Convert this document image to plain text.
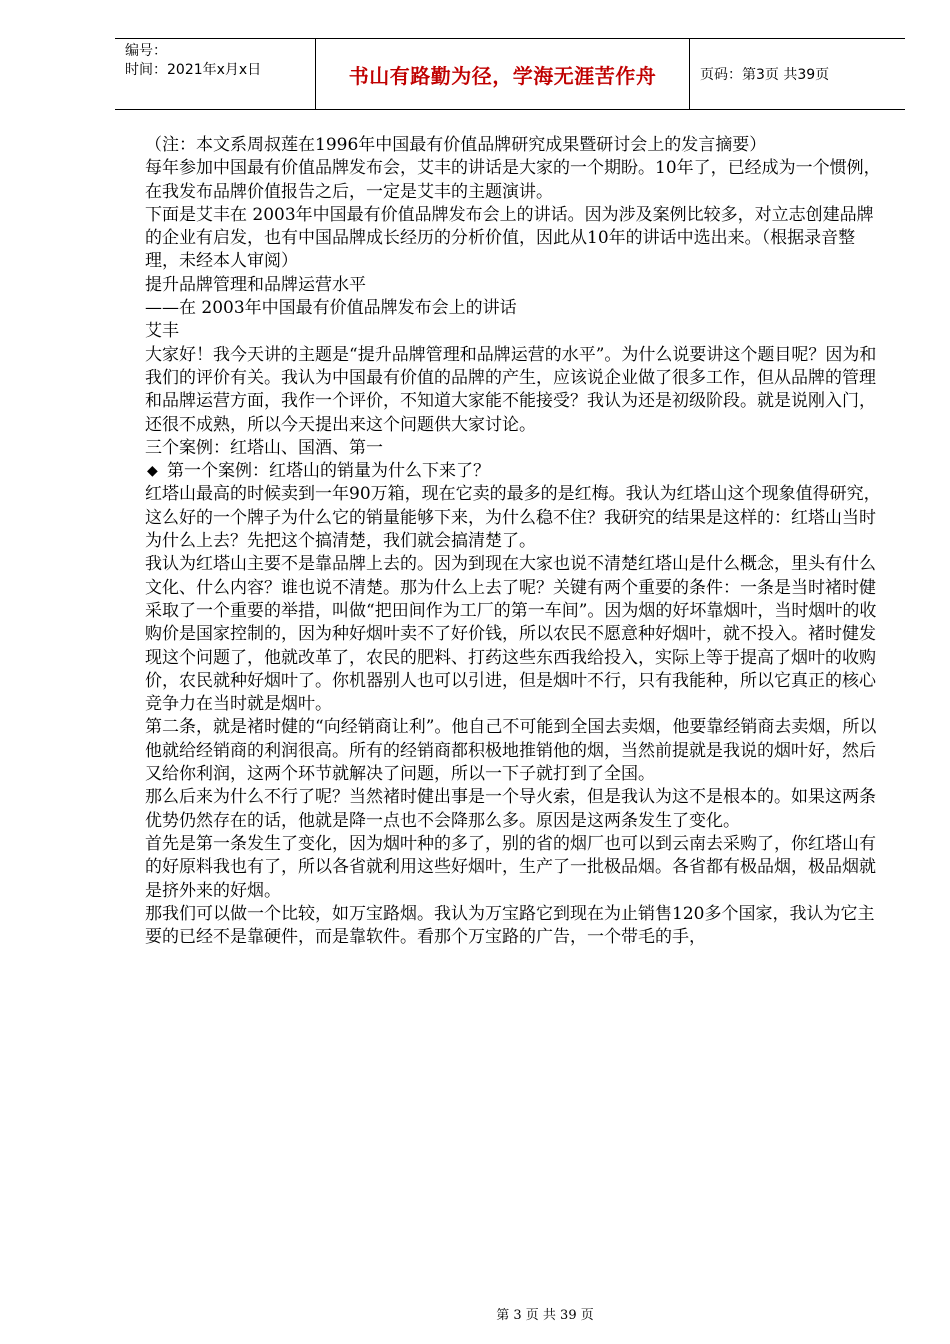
编号：
时间：2021年x月x日	书山有路勤为径，学海无涯苦作舟	页码：第3页 共39页

（注：本文系周叔莲在1996年中国最有价值品牌研究成果暨研讨会上的发言摘要）

每年参加中国最有价值品牌发布会，艾丰的讲话是大家的一个期盼。10年了，已经成为一个惯例，在我发布品牌价值报告之后，一定是艾丰的主题演讲。

下面是艾丰在 2003年中国最有价值品牌发布会上的讲话。因为涉及案例比较多，对立志创建品牌的企业有启发，也有中国品牌成长经历的分析价值，因此从10年的讲话中选出来。（根据录音整理，未经本人审阅）

提升品牌管理和品牌运营水平

——在 2003年中国最有价值品牌发布会上的讲话

艾丰

大家好！我今天讲的主题是“提升品牌管理和品牌运营的水平”。为什么说要讲这个题目呢？因为和我们的评价有关。我认为中国最有价值的品牌的产生，应该说企业做了很多工作，但从品牌的管理和品牌运营方面，我作一个评价，不知道大家能不能接受？我认为还是初级阶段。就是说刚入门，还很不成熟，所以今天提出来这个问题供大家讨论。

三个案例：红塔山、国酒、第一

◆ 第一个案例：红塔山的销量为什么下来了？

红塔山最高的时候卖到一年90万箱，现在它卖的最多的是红梅。我认为红塔山这个现象值得研究，这么好的一个牌子为什么它的销量能够下来，为什么稳不住？我研究的结果是这样的：红塔山当时为什么上去？先把这个搞清楚，我们就会搞清楚了。

我认为红塔山主要不是靠品牌上去的。因为到现在大家也说不清楚红塔山是什么概念，里头有什么文化、什么内容？谁也说不清楚。那为什么上去了呢？关键有两个重要的条件：一条是当时褚时健采取了一个重要的举措，叫做“把田间作为工厂的第一车间”。因为烟的好坏靠烟叶，当时烟叶的收购价是国家控制的，因为种好烟叶卖不了好价钱，所以农民不愿意种好烟叶，就不投入。褚时健发现这个问题了，他就改革了，农民的肥料、打药这些东西我给投入，实际上等于提高了烟叶的收购价，农民就种好烟叶了。你机器别人也可以引进，但是烟叶不行，只有我能种，所以它真正的核心竞争力在当时就是烟叶。

第二条，就是褚时健的“向经销商让利”。他自己不可能到全国去卖烟，他要靠经销商去卖烟，所以他就给经销商的利润很高。所有的经销商都积极地推销他的烟，当然前提就是我说的烟叶好，然后又给你利润，这两个环节就解决了问题，所以一下子就打到了全国。

那么后来为什么不行了呢？当然褚时健出事是一个导火索，但是我认为这不是根本的。如果这两条优势仍然存在的话，他就是降一点也不会降那么多。原因是这两条发生了变化。

首先是第一条发生了变化，因为烟叶种的多了，别的省的烟厂也可以到云南去采购了，你红塔山有的好原料我也有了，所以各省就利用这些好烟叶，生产了一批极品烟。各省都有极品烟，极品烟就是挤外来的好烟。

那我们可以做一个比较，如万宝路烟。我认为万宝路它到现在为止销售120多个国家，我认为它主要的已经不是靠硬件，而是靠软件。看那个万宝路的广告，一个带毛的手，

第 3 页 共 39 页
